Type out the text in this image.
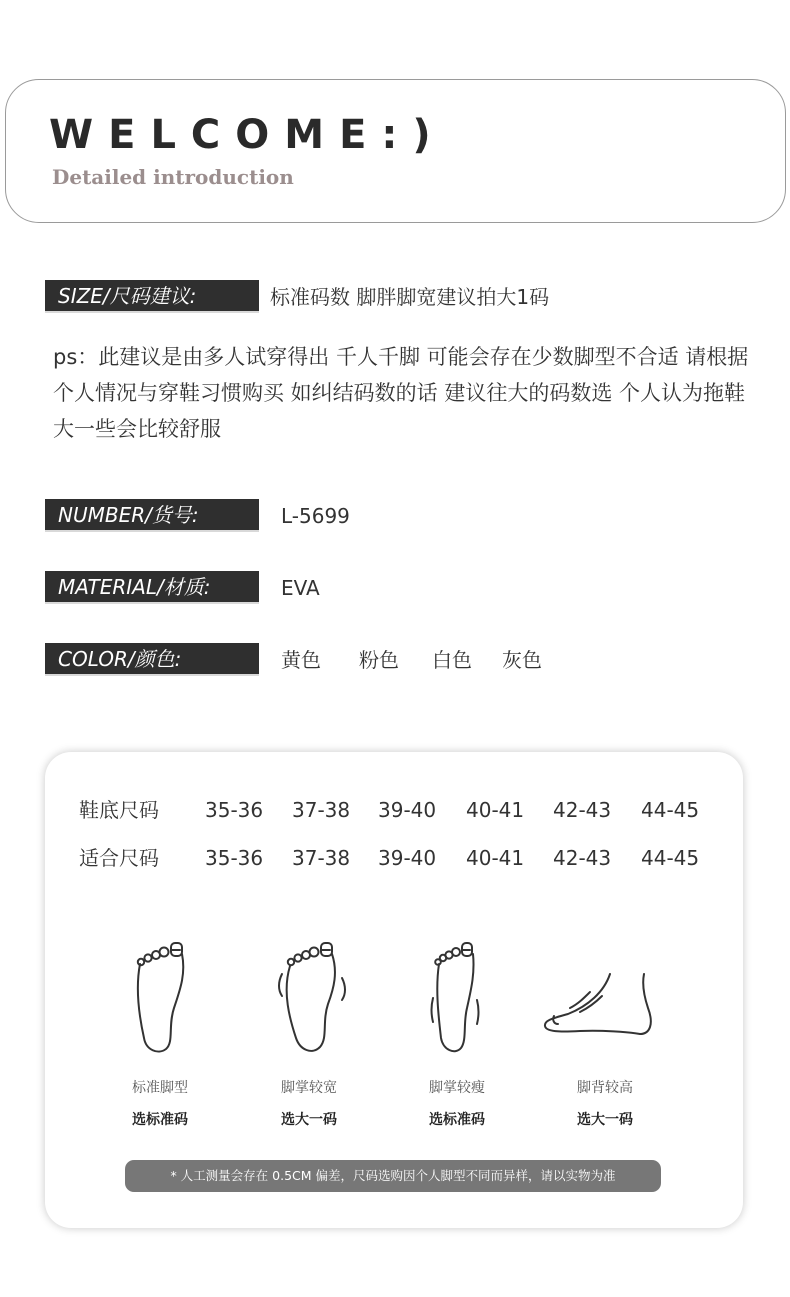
WELCOME:)
Detailed introduction
SIZE/尺码建议:	标准码数 脚胖脚宽建议拍大1码
ps：此建议是由多人试穿得出 千人千脚 可能会存在少数脚型不合适 请根据个人情况与穿鞋习惯购买 如纠结码数的话 建议往大的码数选 个人认为拖鞋大一些会比较舒服
NUMBER/货号:	L-5699
MATERIAL/材质:	EVA
COLOR/颜色:	黄色 粉色 白色 灰色
鞋底尺码 35-36 37-38 39-40 40-41 42-43 44-45
适合尺码 35-36 37-38 39-40 40-41 42-43 44-45
标准脚型
选标准码
脚掌较宽
选大一码
脚掌较瘦
选标准码
脚背较高
选大一码
* 人工测量会存在 0.5CM 偏差，尺码选购因个人脚型不同而异样，请以实物为准
